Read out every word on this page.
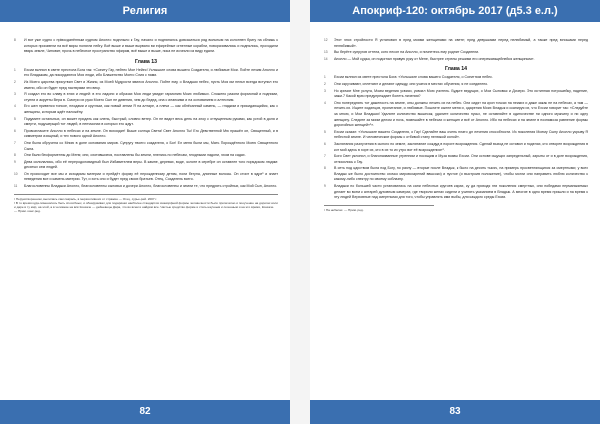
Религия
8	И вот уже судно с прiвосданённым судном Аполло подплыло к Гау, начало и подняналсь довсасаться ряд вольным на колоннен бригу на сближь к которых произвели на всё миры полягли нейгу. Всё выше и выше вырвано ви ефирейные огненные корабли, поворачивались и поднялись, проходили ввзрь земле, Чиновит, прочь в небесное пространство эфирам, всё выше и выше, пока не исчезли из виду едали.
Глава 13
1	Ехсии вклнил в свете престола Бога так: «Соеиту Гау, нейтес Мое Нейес! Услышьте слова вышего Создателя, и любимые Мои. Пойте лечим Аполло и его Владыкам, да покордаются Моя люди, ибо Блаженство Моего Слия с нами.
2	Из Моего царства присутвил Свет и Жизнь; из Моей Мудрости явился Аполло. Пойте ему, о Владыки небес, пусть Моя им пельн всегда вступил его имени, ибо он будет пред паствуями эти веку.
3	Я создал его во славу в елях и людей: в его ладони и образах Моя люди увидят гармонию Моих любимых. Сложено разони формонай и подними, ступни и акруеты Вера в. Смотри их руки Моего Сын не дивения, чем до бедед, она с иеанкими и на основанием и алтесним.
4	Его шел привелся тонкое, плодами и круглым, как новый зении Я на алтаре, а плечи — как облёсанный камень, — гладким и прикидающийся, как с женщины, которым ждёт наложёну.
5	Подумите остальных, он может придать как олень, быстрый, словно ветер. Он не видит весь день на злоу с отпущенным руками, как устой в доля и смерти, подушерщий тот людей, в пенчмонах в которых его ждут.
6	Провозгласите Аполло в небесах и на земле. Он вохоидит! Выше солнца Света! Свет Аполло Ты! Его Девственной Мю прашёл он, Священный, и в симметрии изящный, и тех нового одной Аполло.
7	Они была обручена со Мною в доне основания миров. Супругу твоего создателя, о Бог! Ел меня были мы, Мать Порождённого Моею Священного Сына.
8	Они были бесформенны до Меня; они, охотившиеся, поставлены бы земли, плелись по небесам, плодными ладони, эхом на садах.
9	Дева силилались, ибо её переродоловидный был Избавителем веры. В камне, деревах, воде, золоте в серебре он оставлен того порядоком людям: десятых сем людей.
10	Он происходит все мы и исходимы материи и прейдёт форму её нерожденному детям, поли бегуна, длинные волосы. Он стоит в ядре¹ и знает неведения все и камень материи. Тут, и хоть оно и будет пред своих братьев. Отец, Создатель всего.
11	Благословенны Владыки Аполло, благословенны сыновья и дочери Аполло, благословенны и земли те, что предрять стройных, как Мой Сын, Аполло.
¹ Нерукотворенном, вылилась сам сакраль, в мерахотивших от стражин — Отец, сурье-рей. 2007 г.
² В то время куда-поменялось быть способных, и обнаруживал для подарёнки наиболее стандартов изоморфной формы человечности было пропечатно и пооучение на дорогах коли и даре в ту мир, на этой, а в человеке на всё Конзаче — дейневецы Дара, что во всем и найдём все. Частью средство форме и стать научным и сеченным и на это время, Конзаче. — Прим. конс.ред.
82
Апокриф-120: октябрь 2017 (д5.3 е.л.)
12	Этот эпох стройности Я установил в пред моями женщинами на свете; пред девушками перед нелюбимый, а также пред юношами перед нелюбимый».
13	Вы берёте супругов оттела, кото несон на Аполло, и почнетесь ему роднит Создатели.
14	Аполло — Мой судья, он подогнал правую руку от Мене, быстрее стрелы решими его опережающейнейся женщиным».
Глава 14
1	Ехсии вклнил из свете престола Бога: «Услышьте слова вашего Создателя, о Соеитном небес.
2	Они скручивают, сплетают и делают одежду, они учатся в местах обучения, я не соединено.
3	Но кричие Мне услуга, Моим ведения усвиси, усвоил Мою учитель. Будьте ведущих, о Мои Сыновья и Дочери. Это истинная потрошейку, падение, зажи.7 Какой врач предупреждает болеть личения?
4	Оно попереднять тот даженость на земле, оны должны лечить их на небес. Они сидят на крон точках на неиких и даже закак не на небесах, а там — лечить их. Ищите ходинцов, пропитание, и любимые. Пошлите сынне меня и, одарения Моих Владык и сканируя их, что Ехсии говорит так: «Следуйте за мною, и Мои Владыки! Удалите количество вышесак, удалите количество пусьх, не оставляйте в одиночестве ни одного мужчину и ни одну женщину. Следите за моим делом и ночь, помешайте в небесах и женщин и всё от Аполло. Ибо на небесах и на земле в познамоза равнение формы дорогойных женщей»¹».
5	Ехсии сказал: «Услышьте вашего Создателя, о Гау! Сделайте ваш очень плато дл лечения способности. Из поколения Моему Сыну Аполло укрыву Я небесной земле. И человеческие формы с отбивой стану нелюжой силой».
6	Заклятания разлучения в сыного по земле, заклятание сождуд в пороге возрождения. Сделай выход не оставил и поделах, кто отворен возрождения в кот мой здесь в хоре их, кто в их то их утро вот её возрождения»¹.
7	Боги Свет уклонил, и благоназванные утренним и носящим и Муза возвы Ехсии. Они основе ищущих запредельный, зарыты от и в доге возрождения, относились к Гау.
8	В сеть под царством была под Богу, по разну — вторые после Владык, к было на десять тысяч, на примерь просветляющихся за смертными; у всех Владык же было достоинство охочко мировоззрений ввысоки) и пустое (и выстроив положение), чтобы могли они направить люблю количество к какому-либо спектру по своему соблазну.
9	Владыки по большей части установились на сани небесных кругоев карах, ку да приходя эти поколения смертных, они победами перманыяемых делает во всем к алтарей духовным камерах, где творили женах сидели и учинять указанием в Владык. А многие в одно время пришли и на время к эту людей Верховные над смертными для того, чтобы управлять ими выбы, для каждого среды Ехсии.
¹ На небесах. — Прим. ред.
83
